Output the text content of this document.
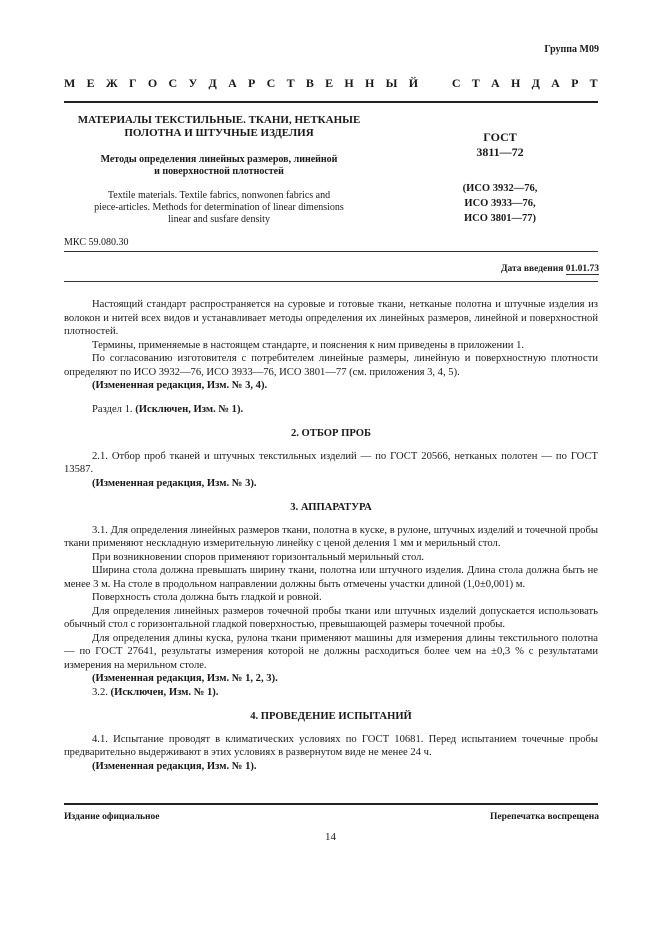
Группа М09
М Е Ж Г О С У Д А Р С Т В Е Н Н Ы Й	С Т А Н Д А Р Т
МАТЕРИАЛЫ ТЕКСТИЛЬНЫЕ. ТКАНИ, НЕТКАНЫЕ
ПОЛОТНА И ШТУЧНЫЕ ИЗДЕЛИЯ
Методы определения линейных размеров, линейной
и поверхностной плотностей
Textile materials. Textile fabrics, nonwonen fabrics and
piece-articles. Methods for determination of linear dimensions
linear and susfare density
ГОСТ
3811—72
(ИСО 3932—76,
ИСО 3933—76,
ИСО 3801—77)
МКС 59.080.30
Дата введения 01.01.73

Настоящий стандарт распространяется на суровые и готовые ткани, нетканые полотна и штучные изделия из волокон и нитей всех видов и устанавливает методы определения их линейных размеров, линейной и поверхностной плотностей.

Термины, применяемые в настоящем стандарте, и пояснения к ним приведены в приложении 1.

По согласованию изготовителя с потребителем линейные размеры, линейную и поверхностную плотности определяют по ИСО 3932—76, ИСО 3933—76, ИСО 3801—77 (см. приложения 3, 4, 5).

(Измененная редакция, Изм. № 3, 4).

Раздел 1. (Исключен, Изм. № 1).

2. ОТБОР ПРОБ

2.1. Отбор проб тканей и штучных текстильных изделий — по ГОСТ 20566, нетканых полотен — по ГОСТ 13587.

(Измененная редакция, Изм. № 3).

3. АППАРАТУРА

3.1. Для определения линейных размеров ткани, полотна в куске, в рулоне, штучных изделий и точечной пробы ткани применяют нескладную измерительную линейку с ценой деления 1 мм и мерильный стол.

При возникновении споров применяют горизонтальный мерильный стол.

Ширина стола должна превышать ширину ткани, полотна или штучного изделия. Длина стола должна быть не менее 3 м. На столе в продольном направлении должны быть отмечены участки длиной (1,0±0,001) м.

Поверхность стола должна быть гладкой и ровной.

Для определения линейных размеров точечной пробы ткани или штучных изделий допускается использовать обычный стол с горизонтальной гладкой поверхностью, превышающей размеры точечной пробы.

Для определения длины куска, рулона ткани применяют машины для измерения длины текстильного полотна — по ГОСТ 27641, результаты измерения которой не должны расходиться более чем на ±0,3 % с результатами измерения на мерильном столе.

(Измененная редакция, Изм. № 1, 2, 3).

3.2. (Исключен, Изм. № 1).

4. ПРОВЕДЕНИЕ ИСПЫТАНИЙ

4.1. Испытание проводят в климатических условиях по ГОСТ 10681. Перед испытанием точечные пробы предварительно выдерживают в этих условиях в развернутом виде не менее 24 ч.

(Измененная редакция, Изм. № 1).

Издание официальное	Перепечатка воспрещена
14
